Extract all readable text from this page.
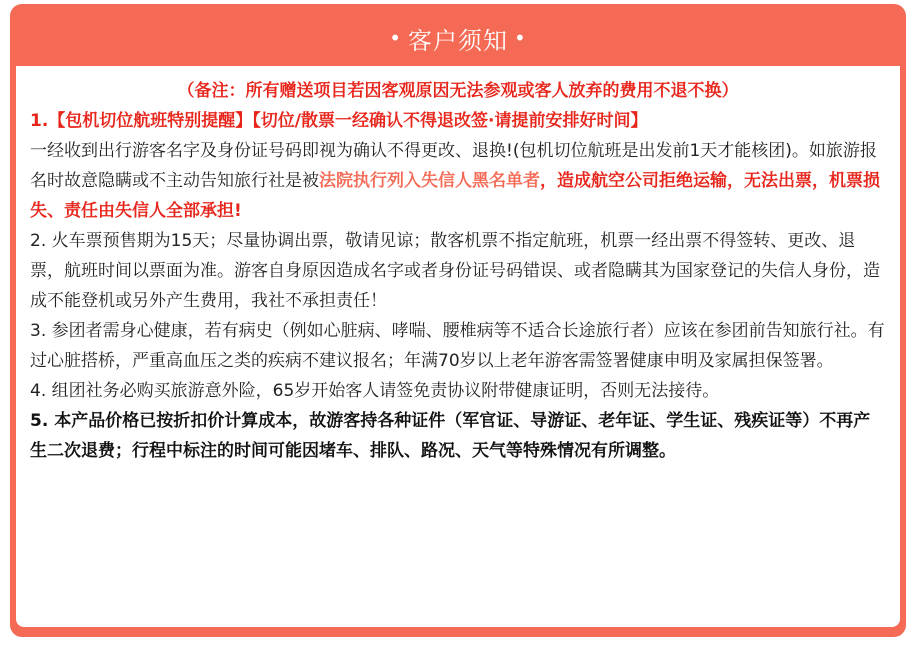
• 客户须知 •

（备注：所有赠送项目若因客观原因无法参观或客人放弃的费用不退不换）

1.【包机切位航班特别提醒】【切位/散票一经确认不得退改签·请提前安排好时间】

一经收到出行游客名字及身份证号码即视为确认不得更改、退换!(包机切位航班是出发前1天才能核团)。如旅游报名时故意隐瞒或不主动告知旅行社是被法院执行列入失信人黑名单者，造成航空公司拒绝运输，无法出票，机票损失、责任由失信人全部承担!

2. 火车票预售期为15天；尽量协调出票，敬请见谅；散客机票不指定航班，机票一经出票不得签转、更改、退票，航班时间以票面为准。游客自身原因造成名字或者身份证号码错误、或者隐瞒其为国家登记的失信人身份，造成不能登机或另外产生费用，我社不承担责任！

3. 参团者需身心健康，若有病史（例如心脏病、哮喘、腰椎病等不适合长途旅行者）应该在参团前告知旅行社。有过心脏搭桥，严重高血压之类的疾病不建议报名；年满70岁以上老年游客需签署健康申明及家属担保签署。

4. 组团社务必购买旅游意外险，65岁开始客人请签免责协议附带健康证明，否则无法接待。

5. 本产品价格已按折扣价计算成本，故游客持各种证件（军官证、导游证、老年证、学生证、残疾证等）不再产生二次退费；行程中标注的时间可能因堵车、排队、路况、天气等特殊情况有所调整。
